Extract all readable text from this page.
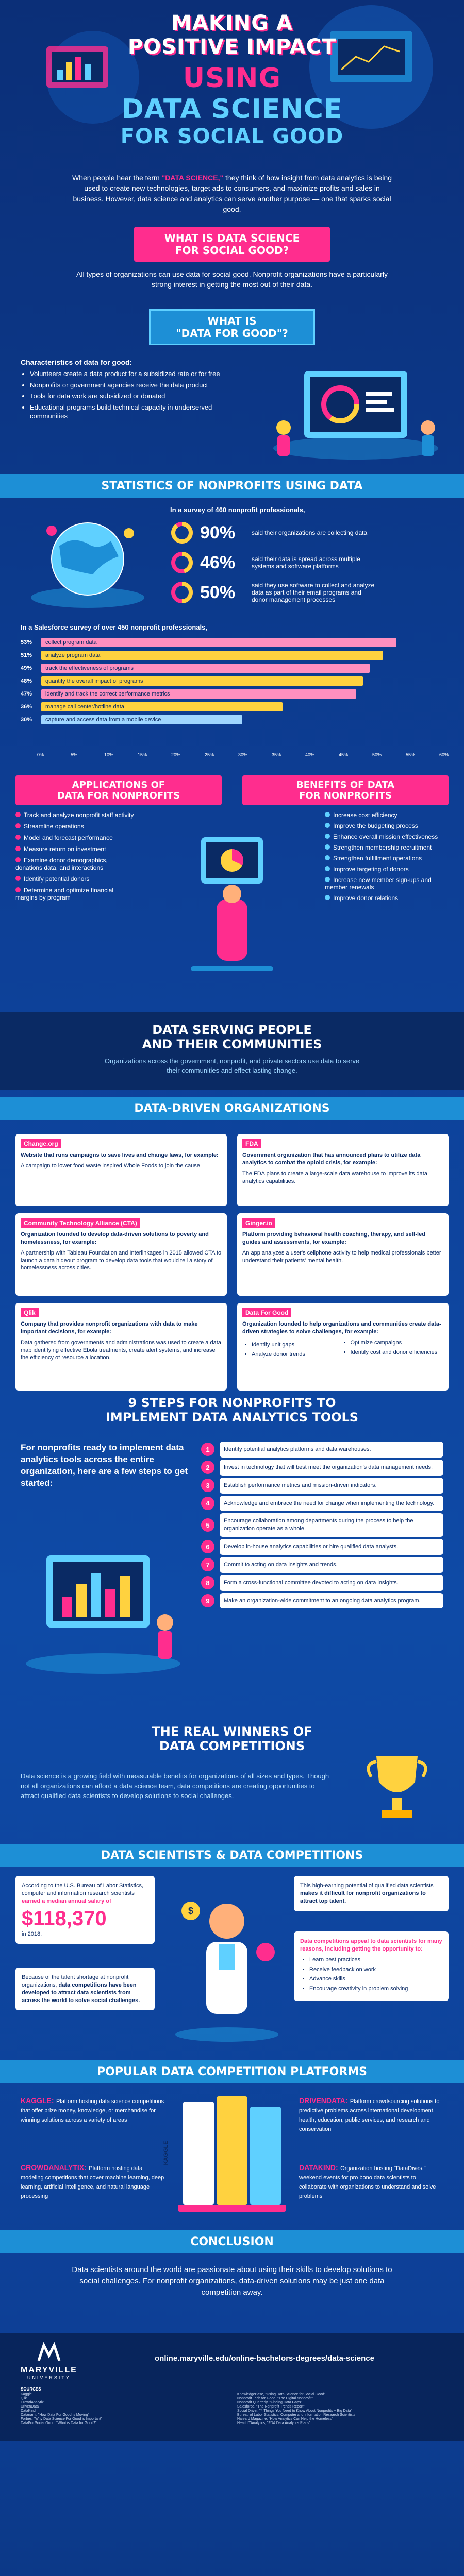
MAKING A
POSITIVE IMPACT
USING
DATA SCIENCE
FOR SOCIAL GOOD

When people hear the term "DATA SCIENCE," they think of how insight from data analytics is being used to create new technologies, target ads to consumers, and maximize profits and sales in business. However, data science and analytics can serve another purpose — one that sparks social good.

WHAT IS DATA SCIENCE
FOR SOCIAL GOOD?

All types of organizations can use data for social good. Nonprofit organizations have a particularly strong interest in getting the most out of their data.

WHAT IS
"DATA FOR GOOD"?
Characteristics of data for good:
• Volunteers create a data product for a subsidized rate or for free
• Nonprofits or government agencies receive the data product
• Tools for data work are subsidized or donated
• Educational programs build technical capacity in underserved communities
STATISTICS OF NONPROFITS USING DATA
In a survey of 460 nonprofit professionals,
90%	said their organizations are collecting data
46%	said their data is spread across multiple systems and software platforms
50%	said they use software to collect and analyze data as part of their email programs and donor management processes
In a Salesforce survey of over 450 nonprofit professionals,
53%	collect program data
51%	analyze program data
49%	track the effectiveness of programs
48%	quantify the overall impact of programs
47%	identify and track the correct performance metrics
36%	manage call center/hotline data
30%	capture and access data from a mobile device
0%	5%	10%	15%	20%	25%	30%	35%	40%	45%	50%	55%	60%
APPLICATIONS OF
DATA FOR NONPROFITS
Track and analyze nonprofit staff activity
Streamline operations
Model and forecast performance
Measure return on investment
Examine donor demographics, donations data, and interactions
Identify potential donors
Determine and optimize financial margins by program
BENEFITS OF DATA
FOR NONPROFITS
Increase cost efficiency
Improve the budgeting process
Enhance overall mission effectiveness
Strengthen membership recruitment
Strengthen fulfillment operations
Improve targeting of donors
Increase new member sign-ups and member renewals
Improve donor relations
DATA SERVING PEOPLE
AND THEIR COMMUNITIES

Organizations across the government, nonprofit, and private sectors use data to serve their communities and effect lasting change.

DATA-DRIVEN ORGANIZATIONS
Change.org

Website that runs campaigns to save lives and change laws, for example:

A campaign to lower food waste inspired Whole Foods to join the cause

FDA

Government organization that has announced plans to utilize data analytics to combat the opioid crisis, for example:

The FDA plans to create a large-scale data warehouse to improve its data analytics capabilities.

Community Technology Alliance (CTA)

Organization founded to develop data-driven solutions to poverty and homelessness, for example:

A partnership with Tableau Foundation and Interlinkages in 2015 allowed CTA to launch a data hideout program to develop data tools that would tell a story of homelessness across cities.

Ginger.io

Platform providing behavioral health coaching, therapy, and self-led guides and assessments, for example:

An app analyzes a user's cellphone activity to help medical professionals better understand their patients' mental health.

Qlik

Company that provides nonprofit organizations with data to make important decisions, for example:

Data gathered from governments and administrations was used to create a data map identifying effective Ebola treatments, create alert systems, and increase the efficiency of resource allocation.

Data For Good

Organization founded to help organizations and communities create data-driven strategies to solve challenges, for example:

• Identify unit gaps
• Analyze donor trends
• Optimize campaigns
• Identify cost and donor efficiencies
9 STEPS FOR NONPROFITS TO
IMPLEMENT DATA ANALYTICS TOOLS
For nonprofits ready to implement data analytics tools across the entire organization, here are a few steps to get started:
1	Identify potential analytics platforms and data warehouses.
2	Invest in technology that will best meet the organization's data management needs.
3	Establish performance metrics and mission-driven indicators.
4	Acknowledge and embrace the need for change when implementing the technology.
5
Encourage collaboration among departments during the process to help the organization operate as a whole.
6	Develop in-house analytics capabilities or hire qualified data analysts.
7	Commit to acting on data insights and trends.
8	Form a cross-functional committee devoted to acting on data insights.
9	Make an organization-wide commitment to an ongoing data analytics program.
THE REAL WINNERS OF
DATA COMPETITIONS

Data science is a growing field with measurable benefits for organizations of all sizes and types. Though not all organizations can afford a data science team, data competitions are creating opportunities to attract qualified data scientists to develop solutions to social challenges.

DATA SCIENTISTS & DATA COMPETITIONS

According to the U.S. Bureau of Labor Statistics, computer and information research scientists earned a median annual salary of

$118,370
in 2018.

Because of the talent shortage at nonprofit organizations, data competitions have been developed to attract data scientists from across the world to solve social challenges.

$

This high-earning potential of qualified data scientists makes it difficult for nonprofit organizations to attract top talent.

Data competitions appeal to data scientists for many reasons, including getting the opportunity to:

• Learn best practices
• Receive feedback on work
• Advance skills
• Encourage creativity in problem solving
POPULAR DATA COMPETITION PLATFORMS
KAGGLE: Platform hosting data science competitions that offer prize money, knowledge, or merchandise for winning solutions across a variety of areas
DRIVENDATA: Platform crowdsourcing solutions to predictive problems across international development, health, education, public services, and research and conservation
CROWDANALYTIX: Platform hosting data modeling competitions that cover machine learning, deep learning, artificial intelligence, and natural language processing
DATAKIND: Organization hosting "DataDives," weekend events for pro bono data scientists to collaborate with organizations to understand and solve problems
KAGGLE
CONCLUSION

Data scientists around the world are passionate about using their skills to develop solutions to social challenges. For nonprofit organizations, data-driven solutions may be just one data competition away.

MARYVILLE
UNIVERSITY
online.maryville.edu/online-bachelors-degrees/data-science
SOURCES
Kaggle
Qlik
CrowdAnalytix
DrivenData
DataKind
Datanami, "How Data For Good Is Moving"
Forbes, "Why Data Science For Good is Important"
DataFor Social Good, "What is Data for Good?"
KnowledgeBase, "Using Data Science for Social Good"
Nonprofit Tech for Good, "The Digital Nonprofit"
Nonprofit Quarterly, "Finding Data Gaps"
Salesforce, "The Nonprofit Trends Report"
Social Driver, "4 Things You Need to Know About Nonprofits + Big Data"
Bureau of Labor Statistics, Computer and Information Research Scientists
Harvard Magazine, "How Analytics Can Help the Homeless"
HealthITAnalytics, "FDA Data Analytics Plans"
